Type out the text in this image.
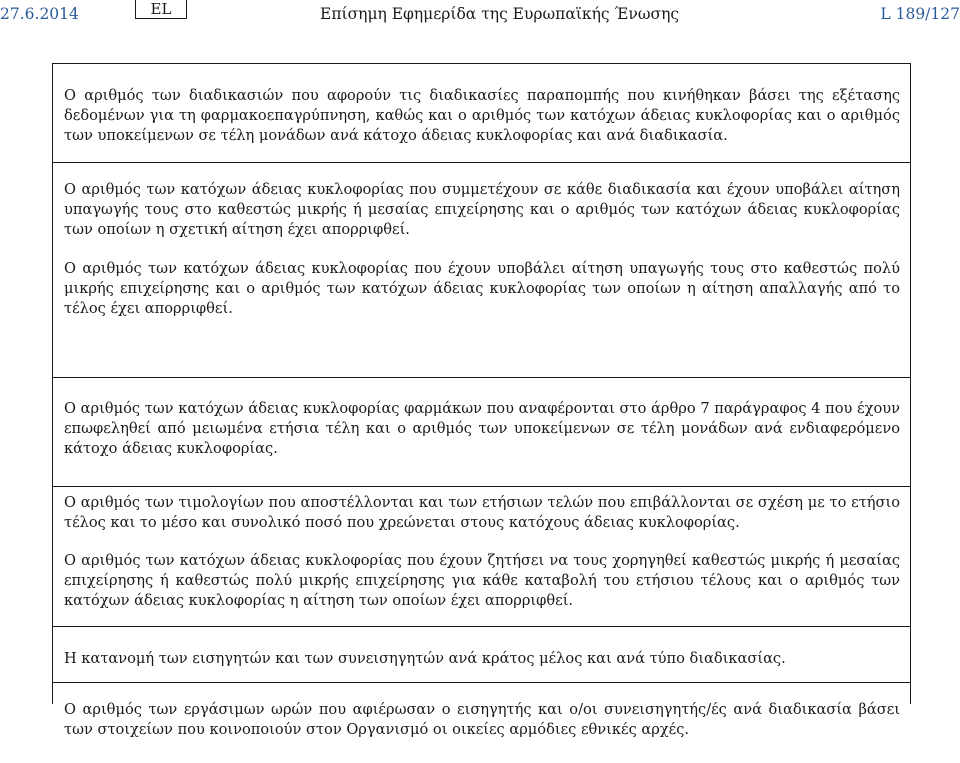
27.6.2014	EL	Επίσημη Εφημερίδα της Ευρωπαϊκής Ένωσης	L 189/127

Ο αριθμός των διαδικασιών που αφορούν τις διαδικασίες παραπομπής που κινήθηκαν βάσει της εξέτασης δεδομένων για τη φαρμακοεπαγρύπνηση, καθώς και ο αριθμός των κατόχων άδειας κυκλοφορίας και ο αριθμός των υποκείμενων σε τέλη μονάδων ανά κάτοχο άδειας κυκλοφορίας και ανά διαδικασία.

Ο αριθμός των κατόχων άδειας κυκλοφορίας που συμμετέχουν σε κάθε διαδικασία και έχουν υποβάλει αίτηση υπαγωγής τους στο καθεστώς μικρής ή μεσαίας επιχείρησης και ο αριθμός των κατόχων άδειας κυκλοφορίας των οποίων η σχετική αίτηση έχει απορριφθεί.

Ο αριθμός των κατόχων άδειας κυκλοφορίας που έχουν υποβάλει αίτηση υπαγωγής τους στο καθεστώς πολύ μικρής επιχείρησης και ο αριθμός των κατόχων άδειας κυκλοφορίας των οποίων η αίτηση απαλλαγής από το τέλος έχει απορριφθεί.

Ο αριθμός των κατόχων άδειας κυκλοφορίας φαρμάκων που αναφέρονται στο άρθρο 7 παράγραφος 4 που έχουν επωφεληθεί από μειωμένα ετήσια τέλη και ο αριθμός των υποκείμενων σε τέλη μονάδων ανά ενδιαφερόμενο κάτοχο άδειας κυκλοφορίας.

Ο αριθμός των τιμολογίων που αποστέλλονται και των ετήσιων τελών που επιβάλλονται σε σχέση με το ετήσιο τέλος και το μέσο και συνολικό ποσό που χρεώνεται στους κατόχους άδειας κυκλοφορίας.

Ο αριθμός των κατόχων άδειας κυκλοφορίας που έχουν ζητήσει να τους χορηγηθεί καθεστώς μικρής ή μεσαίας επιχείρησης ή καθεστώς πολύ μικρής επιχείρησης για κάθε καταβολή του ετήσιου τέλους και ο αριθμός των κατόχων άδειας κυκλοφορίας η αίτηση των οποίων έχει απορριφθεί.

Η κατανομή των εισηγητών και των συνεισηγητών ανά κράτος μέλος και ανά τύπο διαδικασίας.

Ο αριθμός των εργάσιμων ωρών που αφιέρωσαν ο εισηγητής και ο/οι συνεισηγητής/ές ανά διαδικασία βάσει των στοιχείων που κοινοποιούν στον Οργανισμό οι οικείες αρμόδιες εθνικές αρχές.
